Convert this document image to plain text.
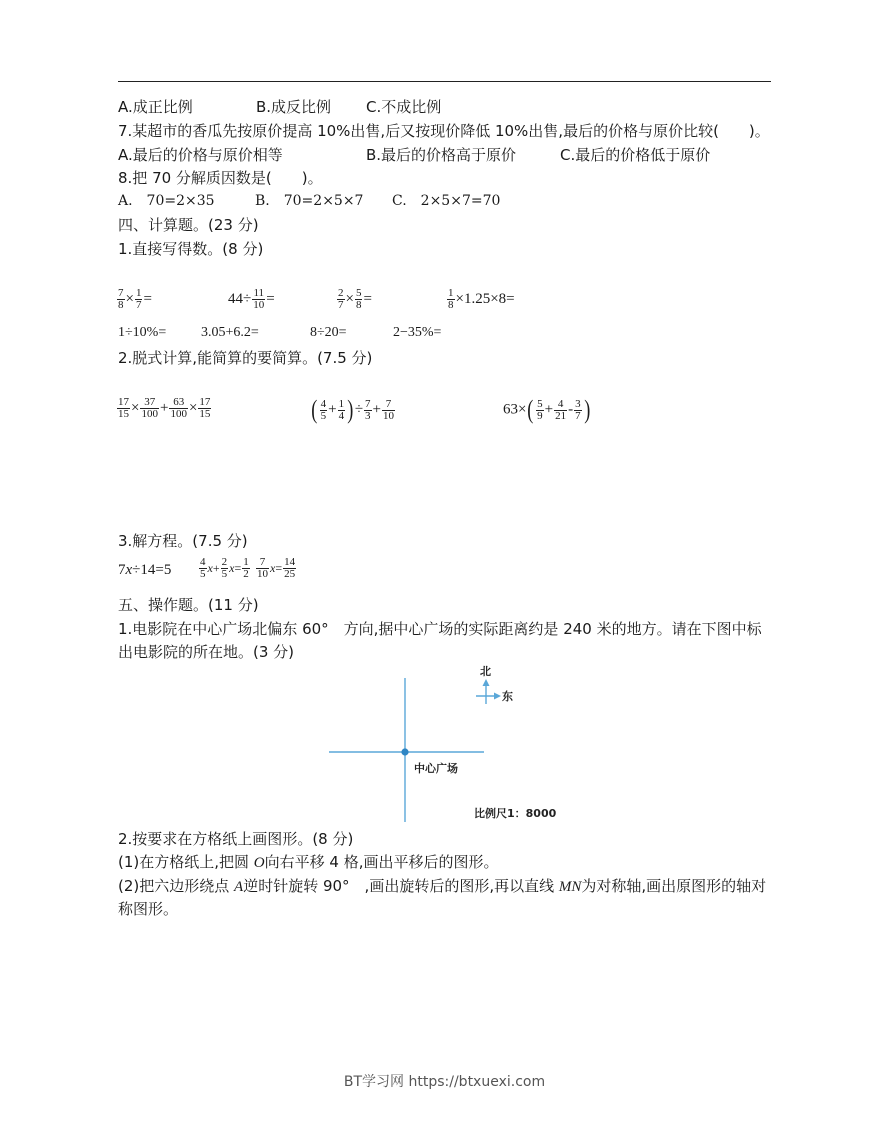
A.成正比例	B.成反比例 C.不成比例
7.某超市的香瓜先按原价提高 10%出售,后又按现价降低 10%出售,最后的价格与原价比较(　　)。
A.最后的价格与原价相等	B.最后的价格高于原价	C.最后的价格低于原价
8.把 70 分解质因数是(　　)。
A.　70=2×35	B.　70=2×5×7 C.　2×5×7=70
四、计算题。(23 分)
1.直接写得数。(8 分)
$\frac{7}{8} \times \frac{1}{7}$ =	$44\div \frac{11}{10}$ =	$\frac{2}{7} \times \frac{5}{8}$ =	$\frac{1}{8} \times 1.25\times 8=$
1÷10%= 3.05+6.2=	8÷20=	2−35%=
2.脱式计算,能简算的要简算。(7.5 分)
$\frac{17}{15} \times \frac{37}{100} + \frac{63}{100} \times \frac{17}{15}$	( $\frac{4}{5} + \frac{1}{4}$ )÷ $\frac{7}{3} + \frac{7}{10}$	$63\times( \frac{5}{9} + \frac{4}{21} - \frac{3}{7}$ )
3.解方程。(7.5 分)
7x÷14=5	$\frac{4}{5} x+ \frac{2}{5} x= \frac{1}{2} \frac{7}{10} x= \frac{14}{25}$
五、操作题。(11 分)
1.电影院在中心广场北偏东 60°　方向,据中心广场的实际距离约是 240 米的地方。请在下图中标
出电影院的所在地。(3 分)
北
东
中心广场
比例尺1：8000
2.按要求在方格纸上画图形。(8 分)
(1)在方格纸上,把圆 O向右平移 4 格,画出平移后的图形。
(2)把六边形绕点 A逆时针旋转 90°　,画出旋转后的图形,再以直线 MN为对称轴,画出原图形的轴对
称图形。
BT学习网 https://btxuexi.com
